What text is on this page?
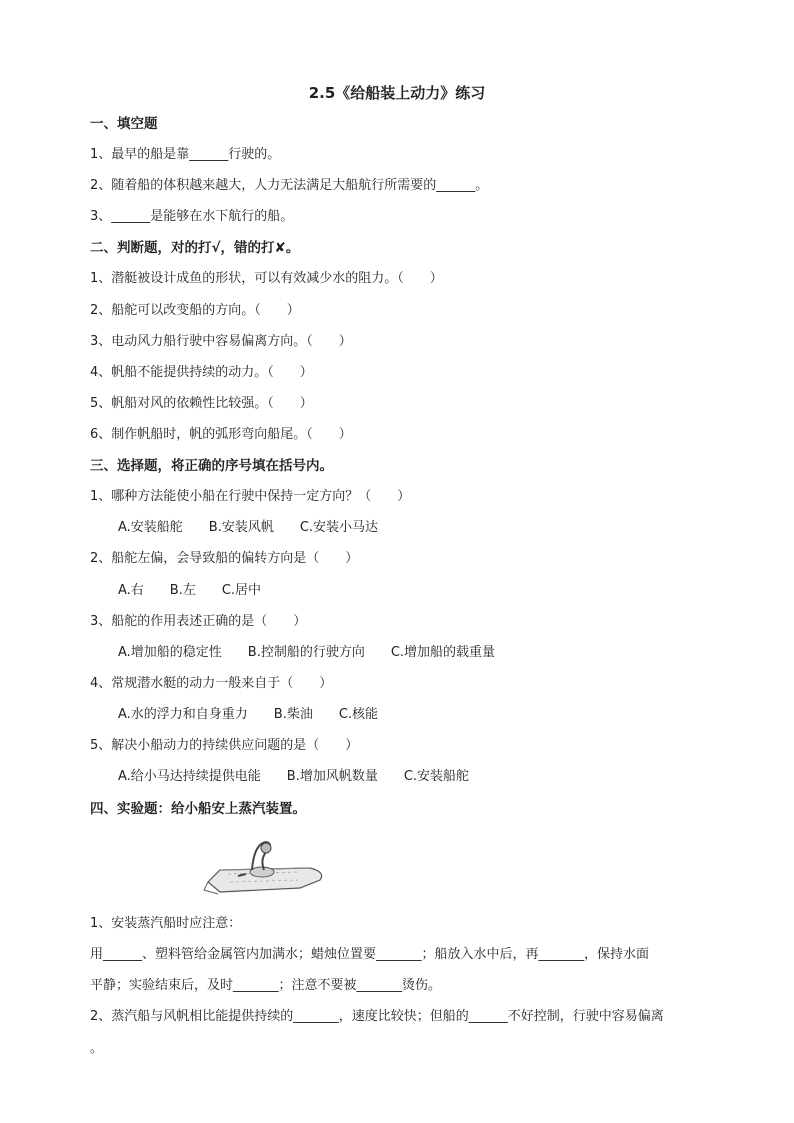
2.5《给船装上动力》练习
一、填空题
1、最早的船是靠______行驶的。
2、随着船的体积越来越大，人力无法满足大船航行所需要的______。
3、______是能够在水下航行的船。
二、判断题，对的打√，错的打✘。
1、潜艇被设计成鱼的形状，可以有效减少水的阻力。（　　）
2、船舵可以改变船的方向。（　　）
3、电动风力船行驶中容易偏离方向。（　　）
4、帆船不能提供持续的动力。（　　）
5、帆船对风的依赖性比较强。（　　）
6、制作帆船时，帆的弧形弯向船尾。（　　）
三、选择题，将正确的序号填在括号内。
1、哪种方法能使小船在行驶中保持一定方向？（　　）
A.安装船舵　　B.安装风帆　　C.安装小马达
2、船舵左偏，会导致船的偏转方向是（　　）
A.右　　B.左　　C.居中
3、船舵的作用表述正确的是（　　）
A.增加船的稳定性　　B.控制船的行驶方向　　C.增加船的载重量
4、常规潜水艇的动力一般来自于（　　）
A.水的浮力和自身重力　　B.柴油　　C.核能
5、解决小船动力的持续供应问题的是（　　）
A.给小马达持续提供电能　　B.增加风帆数量　　C.安装船舵
四、实验题：给小船安上蒸汽装置。
1、安装蒸汽船时应注意：
用______、塑料管给金属管内加满水；蜡烛位置要_______；船放入水中后，再_______，保持水面
平静；实验结束后，及时_______；注意不要被_______烫伤。
2、蒸汽船与风帆相比能提供持续的_______，速度比较快；但船的______不好控制，行驶中容易偏离
。
